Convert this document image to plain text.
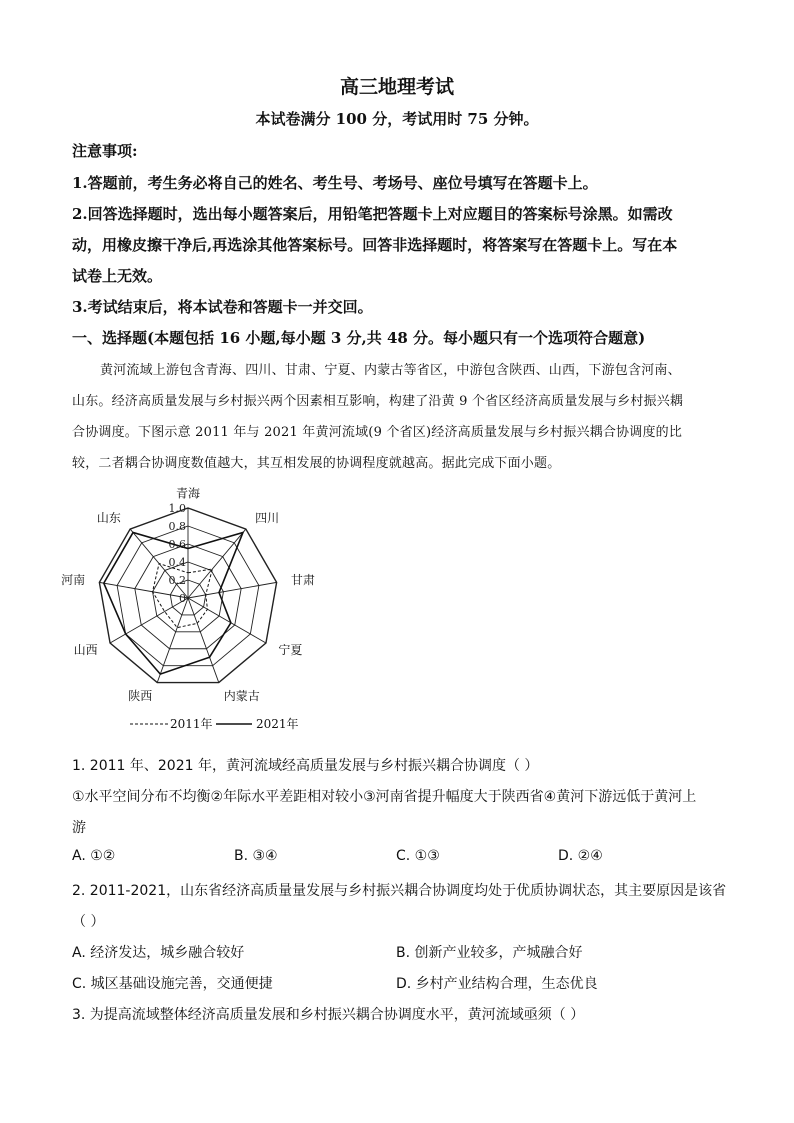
高三地理考试
本试卷满分 100 分，考试用时 75 分钟。
注意事项:
1.答题前，考生务必将自己的姓名、考生号、考场号、座位号填写在答题卡上。
2.回答选择题时，选出每小题答案后，用铅笔把答题卡上对应题目的答案标号涂黑。如需改
动，用橡皮擦干净后,再选涂其他答案标号。回答非选择题时，将答案写在答题卡上。写在本
试卷上无效。
3.考试结束后，将本试卷和答题卡一并交回。
一、选择题(本题包括 16 小题,每小题 3 分,共 48 分。每小题只有一个选项符合题意)
黄河流域上游包含青海、四川、甘肃、宁夏、内蒙古等省区，中游包含陕西、山西，下游包含河南、
山东。经济高质量发展与乡村振兴两个因素相互影响，构建了沿黄 9 个省区经济高质量发展与乡村振兴耦
合协调度。下图示意 2011 年与 2021 年黄河流域(9 个省区)经济高质量发展与乡村振兴耦合协调度的比
较，二者耦合协调度数值越大，其互相发展的协调程度就越高。据此完成下面小题。
0
0.2
0.4
0.6
0.8
1.0
青海
四川
甘肃
宁夏
内蒙古
陕西
山西
河南
山东
2011年	2021年
1. 2011 年、2021 年，黄河流域经高质量发展与乡村振兴耦合协调度（ ）
①水平空间分布不均衡②年际水平差距相对较小③河南省提升幅度大于陕西省④黄河下游远低于黄河上
游
A. ①②	B. ③④	C. ①③	D. ②④
2. 2011-2021，山东省经济高质量量发展与乡村振兴耦合协调度均处于优质协调状态，其主要原因是该省
（ ）
A. 经济发达，城乡融合较好	B. 创新产业较多，产城融合好
C. 城区基础设施完善，交通便捷	D. 乡村产业结构合理，生态优良
3. 为提高流域整体经济高质量发展和乡村振兴耦合协调度水平，黄河流域亟须（ ）
